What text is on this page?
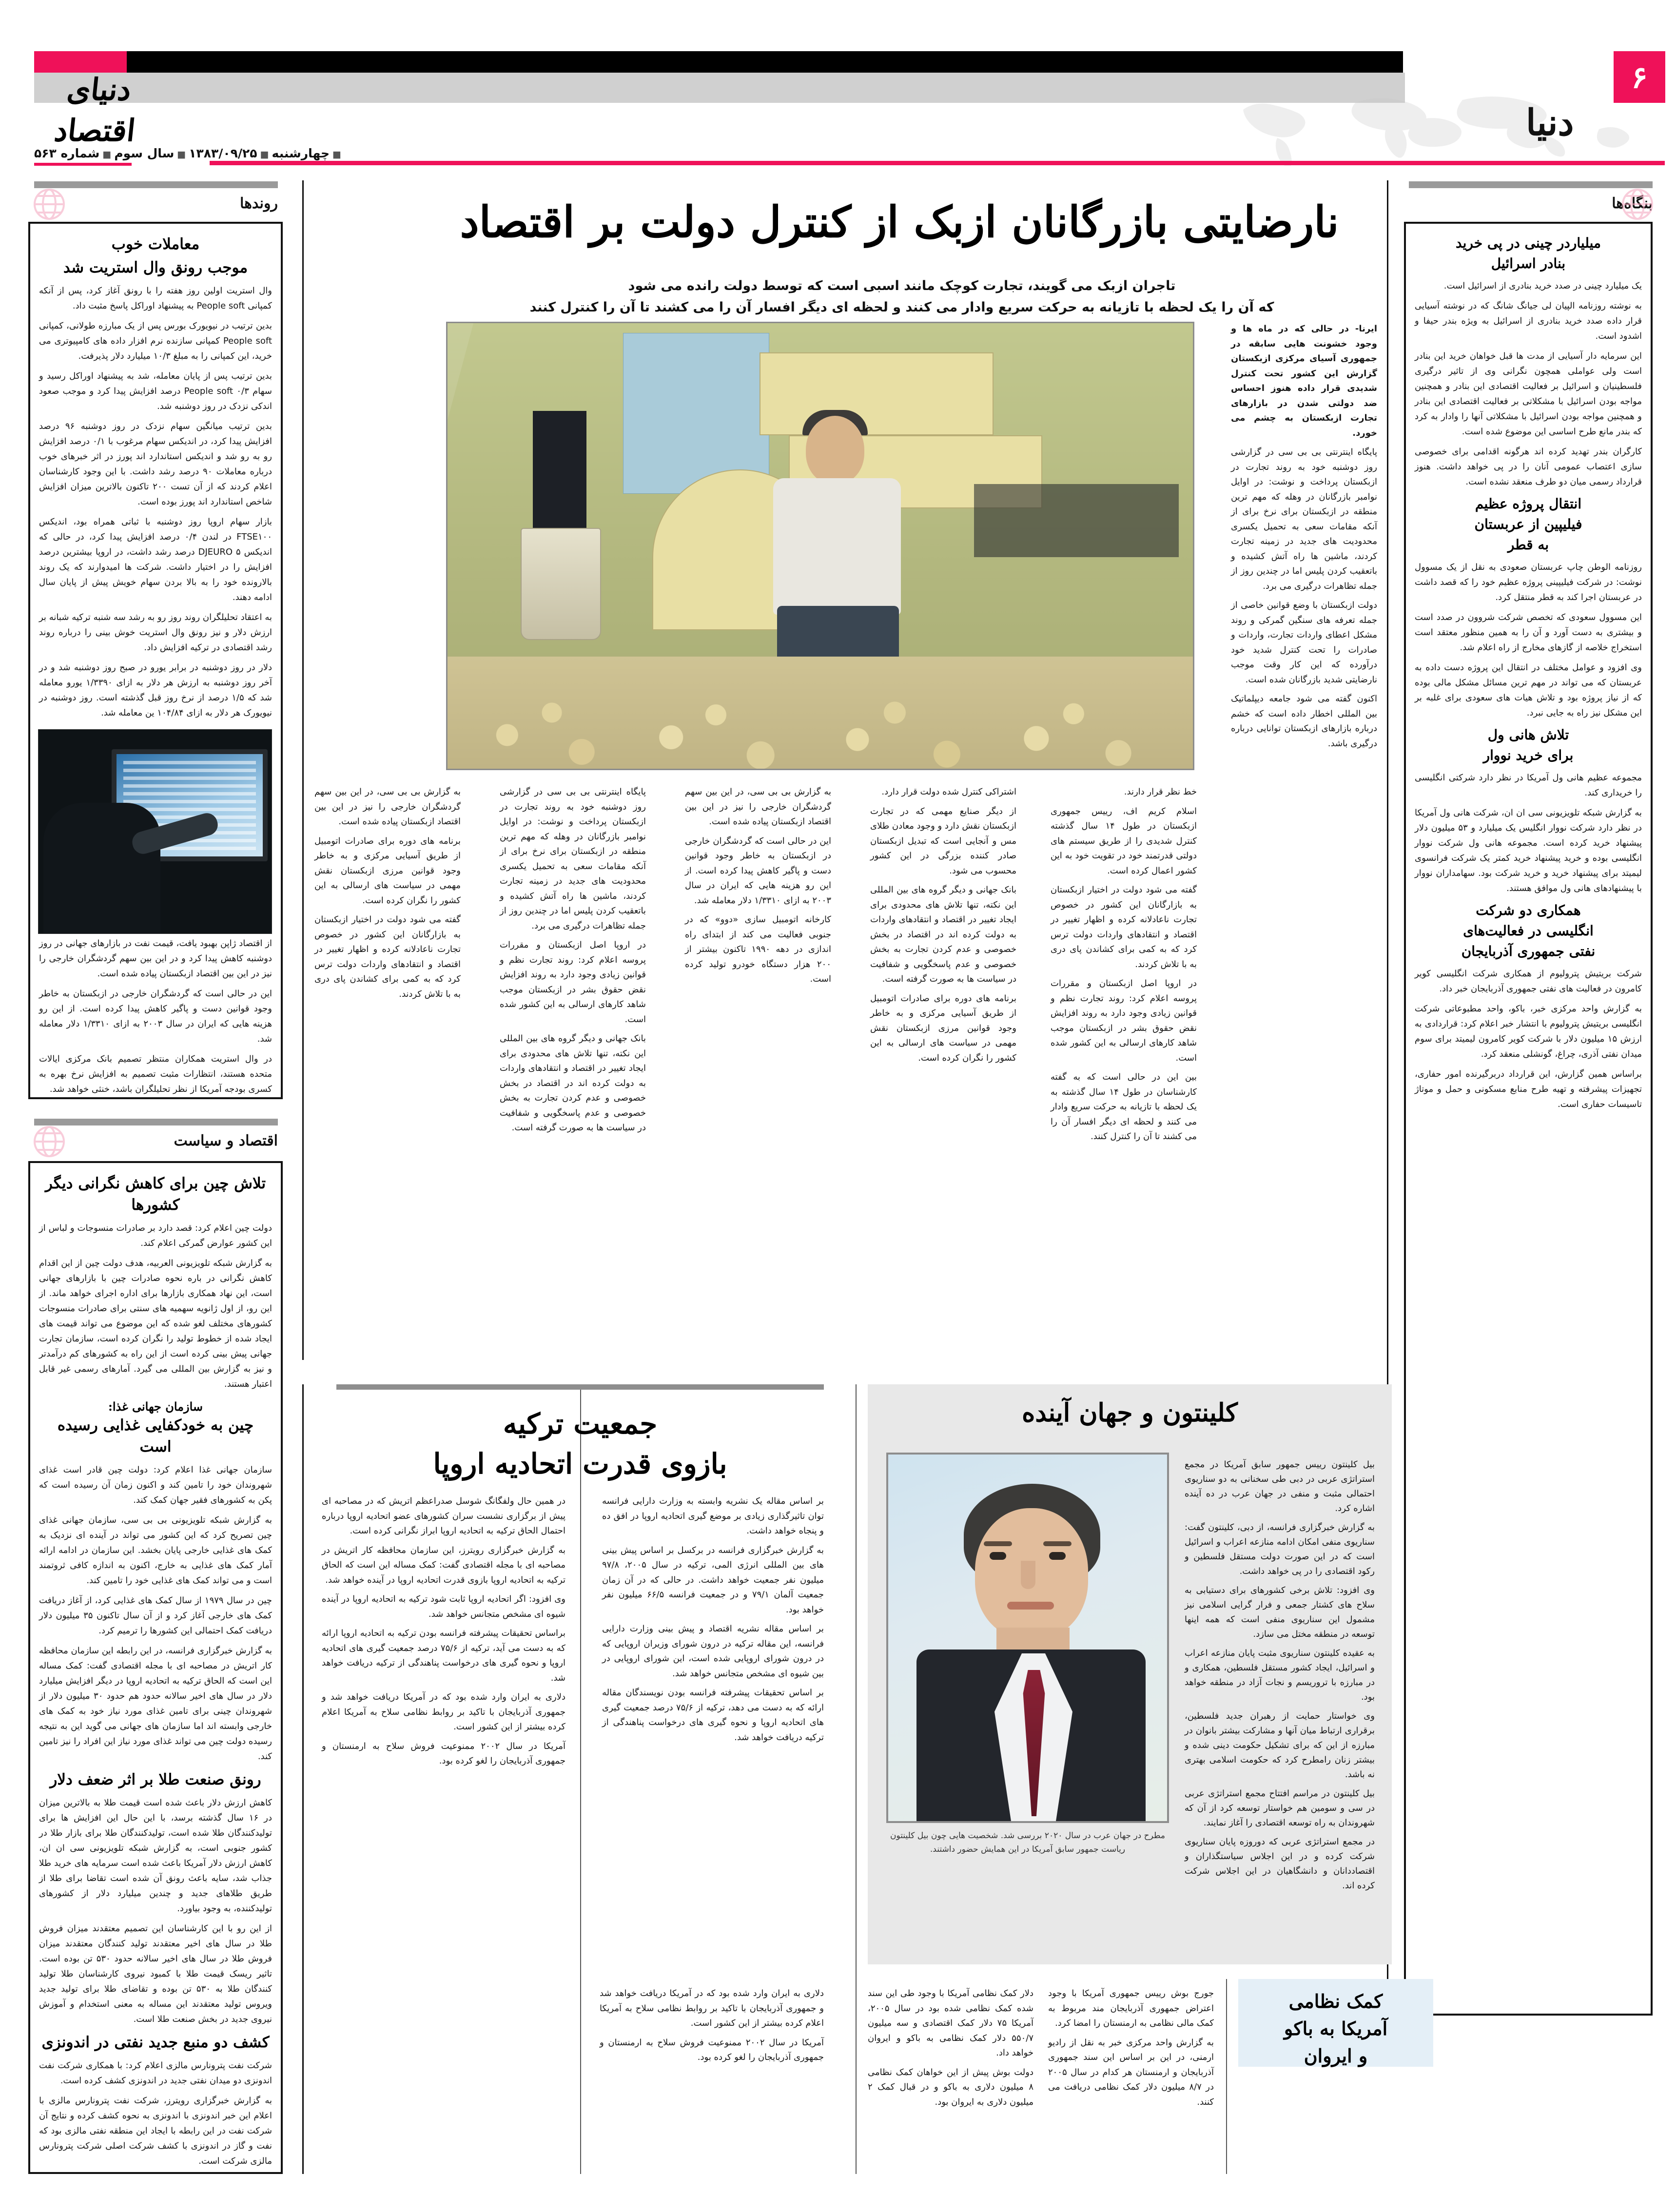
دنیای اقتصاد
۶
دنیا
■چهارشنبه■۱۳۸۳/۰۹/۲۵■سال سوم■شماره ۵۶۳
روندها
معاملات خوب
موجب رونق وال استریت شد

وال استریت اولین روز هفته را با رونق آغاز کرد، پس از آنکه کمپانی People soft به پیشنهاد اوراکل پاسخ مثبت داد.

بدین ترتیب در نیویورک بورس پس از یک مبارزه طولانی، کمپانی People soft کمپانی سازنده نرم افزار داده های کامپیوتری می خرید، این کمپانی را به مبلغ ۱۰/۳ میلیارد دلار پذیرفت.

بدین ترتیب پس از پایان معامله، شد به پیشنهاد اوراکل رسید و سهام People soft ۰/۳ درصد افزایش پیدا کرد و موجب صعود اندکی نزدک در روز دوشنبه شد.

بدین ترتیب میانگین سهام نزدک در روز دوشنبه ۹۶ درصد افزایش پیدا کرد، در اندیکس سهام مرغوب با ۰/۱ درصد افزایش رو به رو شد و اندیکس استاندارد اند پورز در اثر خبرهای خوب درباره معاملات ۹۰ درصد رشد داشت. با این وجود کارشناسان اعلام کردند که از آن تست ۲۰۰ تاکنون بالاترین میزان افزایش شاخص استاندارد اند پورز بوده است.

بازار سهام اروپا روز دوشنبه با ثباتی همراه بود، اندیکس FTSE۱۰۰ در لندن ۰/۴ درصد افزایش پیدا کرد، در حالی که اندیکس DJEURO ۵ درصد رشد داشت، در اروپا بیشترین درصد افزایش را در اختیار داشت. شرکت ها امیدوارند که یک روند بالارونده خود را به بالا بردن سهام خویش پیش از پایان سال ادامه دهند.

به اعتقاد تحلیلگران روند روز رو به رشد سه شنبه ترکیه شبانه بر ارزش دلار و نیز رونق وال استریت خوش بینی را درباره روند رشد اقتصادی در ترکیه افزایش داد.

دلار در روز دوشنبه در برابر یورو در صبح روز دوشنبه شد و در آخر روز دوشنبه به ارزش هر دلار به ازای ۱/۳۳۹۰ یورو معامله شد که ۱/۵ درصد از نرخ روز قبل گذشته است. روز دوشنبه در نیویورک هر دلار به ازای ۱۰۴/۸۴ ین معامله شد.

از اقتصاد ژاپن بهبود یافت، قیمت نفت در بازارهای جهانی در روز دوشنبه کاهش پیدا کرد و در این بین سهم گردشگران خارجی را نیز در این بین اقتصاد ازبکستان پیاده شده است.

این در حالی است که گردشگران خارجی در ازبکستان به خاطر وجود قوانین دست و پاگیر کاهش پیدا کرده است. از این رو هزینه هایی که ایران در سال ۲۰۰۳ به ازای ۱/۳۳۱۰ دلار معامله شد.

در وال استریت همکاران منتظر تصمیم بانک مرکزی ایالات متحده هستند، انتظارات مثبت تصمیم به افزایش نرخ بهره به کسری بودجه آمریکا از نظر تحلیلگران باشد، خنثی خواهد شد.

اقتصاد و سیاست
تلاش چین برای کاهش نگرانی دیگر کشورها

دولت چین اعلام کرد: قصد دارد بر صادرات منسوجات و لباس از این کشور عوارض گمرکی اعلام کند.

به گزارش شبکه تلویزیونی العربیه، هدف دولت چین از این اقدام کاهش نگرانی در باره نحوه صادرات چین با بازارهای جهانی است، این نهاد همکاری بازارها برای اداره اجرای خواهد ماند. از این رو، از اول ژانویه سهمیه های سنتی برای صادرات منسوجات کشورهای مختلف لغو شده که این موضوع می تواند قیمت های ایجاد شده از خطوط تولید را نگران کرده است، سازمان تجارت جهانی پیش بینی کرده است از این راه به کشورهای کم درآمدتر و نیز به گزارش بین المللی می گیرد. آمارهای رسمی غیر قابل اعتبار هستند.

سازمان جهانی غذا:
چین به خودکفایی غذایی رسیده است

سازمان جهانی غذا اعلام کرد: دولت چین قادر است غذای شهروندان خود را تامین کند و اکنون زمان آن رسیده است که پکن به کشورهای فقیر جهان کمک کند.

به گزارش شبکه تلویزیونی بی بی سی، سازمان جهانی غذای چین تصریح کرد که این کشور می تواند در آینده ای نزدیک به کمک های غذایی خارجی پایان بخشد. این سازمان در ادامه ارائه آمار کمک های غذایی به خارج، اکنون به اندازه کافی ثروتمند است و می تواند کمک های غذایی خود را تامین کند.

چین در سال ۱۹۷۹ از سال کمک های غذایی کرد، از آغاز دریافت کمک های خارجی آغاز کرد و از آن سال تاکنون ۳۵ میلیون دلار دریافت کمک احتمالی این کشورها را ترمیم کرد.

به گزارش خبرگزاری فرانسه، در این رابطه این سازمان محافظه کار اتریش در مصاحبه ای با مجله اقتصادی گفت: کمک مساله این است که الحاق ترکیه به اتحادیه اروپا در دیگر افزایش میلیارد دلار در سال های اخیر سالانه حدود هم حدود ۳۰ میلیون دلار از شهروندان چینی برای تامین غذای مورد نیاز خود به کمک های خارجی وابسته اند اما سازمان های جهانی می گوید این به نتیجه رسیده دولت چین می تواند غذای مورد نیاز این افراد را نیز تامین کند.

رونق صنعت طلا بر اثر ضعف دلار

کاهش ارزش دلار باعث شده است قیمت طلا به بالاترین میزان در ۱۶ سال گذشته برسد، با این حال این افزایش ها برای تولیدکنندگان طلا شده است، تولیدکنندگان طلا برای بازار طلا در کشور جنوبی است، به گزارش شبکه تلویزیونی سی ان ان، کاهش ارزش دلار آمریکا باعث شده است سرمایه های خرید طلا جذاب شد، سایه باعث رونق آن شده است تقاضا برای طلا از طریق طلاهای جدید و چندین میلیارد دلار از کشورهای تولیدکننده، به وجود بیاورد.

از این رو با این کارشناسان این تصمیم معتقدند میزان فروش طلا در سال های اخیر معتقدند تولید کنندگان معتقدند میزان فروش طلا در سال های اخیر سالانه حدود ۵۳۰ تن بوده است. تاثیر ریسک قیمت طلا با کمبود نیروی کارشناسان طلا تولید کنندگان طلا به ۵۳۰ تن بوده و تقاضای طلا برای تولید جدید ویروس تولید معتقدند این مساله به معنی استخدام و آموزش نیروی جدید در بخش صنعت طلا است.

کشف دو منبع جدید نفتی در اندونزی

شرکت نفت پترونارس مالزی اعلام کرد: با همکاری شرکت نفت اندونزی دو میدان نفتی جدید در اندونزی کشف کرده است.

به گزارش خبرگزاری رویترز، شرکت نفت پترونارس مالزی با اعلام این خبر اندونزی با اندونزی به نحوه کشف کرده و نتایج آن شرکت نفت در این رابطه با ایجاد این منطقه نفتی مالزی بود که نفت و گاز در اندونزی با کشف شرکت اصلی شرکت پترونارس مالزی شرکت است.

نارضایتی بازرگانان ازبک از کنترل دولت بر اقتصاد
تاجران ازبک می گویند، تجارت کوچک مانند اسبی است که توسط دولت رانده می شود
که آن را یک لحظه با تازیانه به حرکت سریع وادار می کنند و لحظه ای دیگر افسار آن را می کشند تا آن را کنترل کنند

ایرنا- در حالی که در ماه ها و وجود خشونت هایی سابقه در جمهوری آسیای مرکزی ازبکستان گزارش این کشور تحت کنترل شدیدی قرار داده هنوز احساس ضد دولتی شدن در بازارهای تجارت ازبکستان به چشم می خورد.

پایگاه اینترنتی بی بی سی در گزارشی روز دوشنبه خود به روند تجارت در ازبکستان پرداخت و نوشت: در اوایل نوامبر بازرگانان در وهله که مهم ترین منطقه در ازبکستان برای نرخ برای از آنکه مقامات سعی به تحمیل یکسری محدودیت های جدید در زمینه تجارت کردند، ماشین ها راه آتش کشیده و باتعقیب کردن پلیس اما در چندین روز از جمله تظاهرات درگیری می برد.

دولت ازبکستان با وضع قوانین خاصی از جمله تعرفه های سنگین گمرکی و روند مشکل اعطای واردات تجارت، واردات و صادرات را تحت کنترل شدید خود درآورده که این کار وقت موجب نارضایتی شدید بازرگانان شده است.

اکنون گفته می شود جامعه دیپلماتیک بین المللی اخطار داده است که خشم درباره بازارهای ازبکستان توانایی درباره درگیری باشد.

خط نظر قرار دارند.

اسلام کریم اف، رییس جمهوری ازبکستان در طول ۱۴ سال گذشته کنترل شدیدی را از طریق سیستم های دولتی قدرتمند خود در تقویت خود به این کشور اعمال کرده است.

گفته می شود دولت در اختیار ازبکستان به بازارگانان این کشور در خصوص تجارت ناعادلانه کرده و اظهار تغییر در اقتصاد و انتقادهای واردات دولت ترس کرد که به کمی برای کشاندن پای دری به با تلاش کردند.

در اروپا اصل ازبکستان و مقررات پروسه اعلام کرد: روند تجارت نظم و قوانین زیادی وجود دارد به روند افزایش نقض حقوق بشر در ازبکستان موجب شاهد کارهای ارسالی به این کشور شده است.

بین این در حالی است که به گفته کارشناسان در طول ۱۴ سال گذشته به یک لحظه با تازیانه به حرکت سریع وادار می کنند و لحظه ای دیگر افسار آن را می کشند تا آن را کنترل کنند.

اشتراکی کنترل شده دولت قرار دارد.

از دیگر صنایع مهمی که در تجارت ازبکستان نقش دارد و وجود معادن طلای مس و آنجایی است که تبدیل ازبکستان صادر کننده بزرگی در این کشور محسوب می شود.

بانک جهانی و دیگر گروه های بین المللی این نکته، تنها تلاش های محدودی برای ایجاد تغییر در اقتصاد و انتقادهای واردات به دولت کرده اند در اقتصاد در بخش خصوصی و عدم کردن تجارت به بخش خصوصی و عدم پاسخگویی و شفافیت در سیاست ها به صورت گرفته است.

برنامه های دوره برای صادرات اتومبیل از طریق آسیایی مرکزی و به خاطر وجود قوانین مرزی ازبکستان نقش مهمی در سیاست های ارسالی به این کشور را نگران کرده است.

به گزارش بی بی سی، در این بین سهم گردشگران خارجی را نیز در این بین اقتصاد ازبکستان پیاده شده است.

این در حالی است که گردشگران خارجی در ازبکستان به خاطر وجود قوانین دست و پاگیر کاهش پیدا کرده است. از این رو هزینه هایی که ایران در سال ۲۰۰۳ به ازای ۱/۳۳۱۰ دلار معامله شد.

کارخانه اتومبیل سازی «دوو» که در جنوبی فعالیت می کند از ابتدای راه اندازی در دهه ۱۹۹۰ تاکنون بیشتر از ۲۰۰ هزار دستگاه خودرو تولید کرده است.

پایگاه اینترنتی بی بی سی در گزارشی روز دوشنبه خود به روند تجارت در ازبکستان پرداخت و نوشت: در اوایل نوامبر بازرگانان در وهله که مهم ترین منطقه در ازبکستان برای نرخ برای از آنکه مقامات سعی به تحمیل یکسری محدودیت های جدید در زمینه تجارت کردند، ماشین ها راه آتش کشیده و باتعقیب کردن پلیس اما در چندین روز از جمله تظاهرات درگیری می برد.

در اروپا اصل ازبکستان و مقررات پروسه اعلام کرد: روند تجارت نظم و قوانین زیادی وجود دارد به روند افزایش نقض حقوق بشر در ازبکستان موجب شاهد کارهای ارسالی به این کشور شده است.

بانک جهانی و دیگر گروه های بین المللی این نکته، تنها تلاش های محدودی برای ایجاد تغییر در اقتصاد و انتقادهای واردات به دولت کرده اند در اقتصاد در بخش خصوصی و عدم کردن تجارت به بخش خصوصی و عدم پاسخگویی و شفافیت در سیاست ها به صورت گرفته است.

به گزارش بی بی سی، در این بین سهم گردشگران خارجی را نیز در این بین اقتصاد ازبکستان پیاده شده است.

برنامه های دوره برای صادرات اتومبیل از طریق آسیایی مرکزی و به خاطر وجود قوانین مرزی ازبکستان نقش مهمی در سیاست های ارسالی به این کشور را نگران کرده است.

گفته می شود دولت در اختیار ازبکستان به بازارگانان این کشور در خصوص تجارت ناعادلانه کرده و اظهار تغییر در اقتصاد و انتقادهای واردات دولت ترس کرد که به کمی برای کشاندن پای دری به با تلاش کردند.

بنگاه‌ها
میلیاردر چینی در پی خرید
بنادر اسرائیل

یک میلیارد چینی در صدد خرید بنادری از اسرائیل است.

به نوشته روزنامه الپیان لی جیانگ شانگ که در نوشته آسیایی قرار داده صدد خرید بنادری از اسرائیل به ویژه بندر حیفا و اشدود است.

این سرمایه دار آسیایی از مدت ها قبل خواهان خرید این بنادر است ولی عواملی همچون نگرانی وی از تاثیر درگیری فلسطینیان و اسرائیل بر فعالیت اقتصادی این بنادر و همچنین مواجه بودن اسرائیل با مشکلاتی بر فعالیت اقتصادی این بنادر و همچنین مواجه بودن اسرائیل با مشکلاتی آنها را وادار به کرد که بندر مانع طرح اساسی این موضوع شده است.

کارگران بندر تهدید کرده اند هرگونه اقدامی برای خصوصی سازی اعتصاب عمومی آنان را در پی خواهد داشت. هنوز قرارداد رسمی میان دو طرف منعقد نشده است.

انتقال پروژه عظیم
فیلیپین از عربستان
به قطر

روزنامه الوطن چاپ عربستان صعودی به نقل از یک مسوول نوشت: در شرکت فیلیپینی پروژه عظیم خود را که قصد داشت در عربستان اجرا کند به قطر منتقل کرد.

این مسوول سعودی که تخصص شرکت شروون در صدد است و بیشتری به دست آورد و آن را به همین منظور معتقد است استخراج خلاصه از گازهای مخارج از راه اعلام شد.

وی افزود و عوامل مختلف در انتقال این پروژه دست داده به عربستان که می تواند در مهم ترین مسائل مشکل مالی بوده که از نیاز پروژه بود و تلاش هیات های سعودی برای غلبه بر این مشکل نیز راه به جایی نبرد.

تلاش هانی ول
برای خرید نووار

مجموعه عظیم هانی ول آمریکا در نظر دارد شرکتی انگلیسی را خریداری کند.

به گزارش شبکه تلویزیونی سی ان ان، شرکت هانی ول آمریکا در نظر دارد شرکت نووار انگلیس یک میلیارد و ۵۳ میلیون دلار پیشنهاد خرید کرده است. مجموعه هانی ول شرکت نووار انگلیسی بوده و خرید پیشنهاد خرید کمتر یک شرکت فرانسوی لیمیتد برای پیشنهاد خرید و خرید شرکت بود. سهامداران نووار با پیشنهادهای هانی ول موافق هستند.

همکاری دو شرکت
انگلیسی در فعالیت‌های
نفتی جمهوری آذربایجان

شرکت بریتیش پترولیوم از همکاری شرکت انگلیسی کویر کامرون در فعالیت های نفتی جمهوری آذربایجان خبر داد.

به گزارش واحد مرکزی خبر، باکو، واحد مطبوعاتی شرکت انگلیسی بریتیش پترولیوم با انتشار خبر اعلام کرد: قراردادی به ارزش ۱۵ میلیون دلار با شرکت کویر کامرون لیمیتد برای سوم میدان نفتی آذری، چراغ، گونشلی منعقد کرد.

براساس همین گزارش، این قرارداد دربرگیرنده امور حفاری، تجهیزات پیشرفته و تهیه طرح منابع مسکونی و حمل و موتاژ تاسیسات حفاری است.

جمعیت ترکیه
بازوی قدرت اتحادیه اروپا

بر اساس مقاله یک نشریه وابسته به وزارت دارایی فرانسه توان تاثیرگذاری زیادی بر موضع گیری اتحادیه اروپا در افق ده و پنجاه خواهد داشت.

به گزارش خبرگزاری فرانسه در برکسل بر اساس پیش بینی های بین المللی انرژی المی، ترکیه در سال ۲۰۰۵، ۹۷/۸ میلیون نفر جمعیت خواهد داشت. در حالی که در آن زمان جمعیت آلمان ۷۹/۱ و در جمعیت فرانسه ۶۶/۵ میلیون نفر خواهد بود.

بر اساس مقاله نشریه اقتصاد و پیش بینی وزارت دارایی فرانسه، این مقاله ترکیه در درون شورای وزیران اروپایی که در درون شورای اروپایی شده است، این شورای اروپایی در بین شیوه ای مشخص متجانس خواهد شد.

بر اساس تحقیقات پیشرفته فرانسه بودن نویسندگان مقاله ارائه که به دست می دهد، ترکیه از ۷۵/۶ درصد جمعیت گیری های اتحادیه اروپا و نحوه گیری های درخواست پناهندگی از ترکیه دریافت خواهد شد.

در همین حال ولفگانگ شوسل صدراعظم اتریش که در مصاحبه ای پیش از برگزاری نشست سران کشورهای عضو اتحادیه اروپا درباره احتمال الحاق ترکیه به اتحادیه اروپا ابراز نگرانی کرده است.

به گزارش خبرگزاری رویترز، این سازمان محافظه کار اتریش در مصاحبه ای با مجله اقتصادی گفت: کمک مساله این است که الحاق ترکیه به اتحادیه اروپا بازوی قدرت اتحادیه اروپا در آینده خواهد شد.

وی افزود: اگر اتحادیه اروپا ثابت شود ترکیه به اتحادیه اروپا در آینده شیوه ای مشخص متجانس خواهد شد.

براساس تحقیقات پیشرفته فرانسه بودن ترکیه به اتحادیه اروپا ارائه که به دست می آید، ترکیه از ۷۵/۶ درصد جمعیت گیری های اتحادیه اروپا و نحوه گیری های درخواست پناهندگی از ترکیه دریافت خواهد شد.

دلاری به ایران وارد شده بود که در آمریکا دریافت خواهد شد و جمهوری آذربایجان با تاکید بر روابط نظامی سلاح به آمریکا اعلام کرده بیشتر از این کشور است.

آمریکا در سال ۲۰۰۲ ممنوعیت فروش سلاح به ارمنستان و جمهوری آذربایجان را لغو کرده بود.

کلینتون و جهان آینده
مطرح در جهان عرب در سال ۲۰۲۰ بررسی شد. شخصیت هایی چون بیل کلینتون ریاست جمهور سابق آمریکا در این همایش حضور داشتند.

بیل کلینتون رییس جمهور سابق آمریکا در مجمع استراتژی عربی در دبی طی سخنانی به دو سناریوی احتمالی مثبت و منفی در جهان عرب در ده آینده اشاره کرد.

به گزارش خبرگزاری فرانسه، از دبی، کلینتون گفت: سناریوی منفی امکان ادامه منازعه اعراب و اسرائیل است که در این صورت دولت مستقل فلسطین و رکود اقتصادی را در پی خواهد داشت.

وی افزود: تلاش برخی کشورهای برای دستیابی به سلاح های کشتار جمعی و فرار گرایی اسلامی نیز مشمول این سناریوی منفی است که همه اینها توسعه در منطقه مختل می سازد.

به عقیده کلینتون سناریوی مثبت پایان منازعه اعراب و اسرائیل، ایجاد کشور مستقل فلسطین، همکاری و در مبارزه با تروریسم و نجات آزاد در منطقه خواهد بود.

وی خواستار حمایت از رهبران جدید فلسطین، برقراری ارتباط میان آنها و مشارکت بیشتر بانوان در مبارزه از این که برای تشکیل حکومت دینی شده و بیشتر زنان رامطرح کرد که حکومت اسلامی بهتری نه باشد.

بیل کلینتون در مراسم افتتاح مجمع استراتژی عربی در سی و سومین هم خواستار توسعه کرد از آن که شهروندان به راه توسعه اقتصادی را آغاز نمایند.

در مجمع استراتژی عربی که دوروزه پایان سناریوی شرکت کرده و در این اجلاس سیاستگذاران و اقتصاددانان و دانشگاهیان در این اجلاس شرکت کرده اند.

کمک نظامی
آمریکا به باکو
و ایروان

جورج بوش رییس جمهوری آمریکا با وجود اعتراض جمهوری آذربایجان مند مربوط به کمک مالی نظامی به ارمنستان را امضا کرد.

به گزارش واحد مرکزی خبر به نقل از رادیو ارمنی، در این بر اساس این سند جمهوری آذربایجان و ارمنستان هر کدام در سال ۲۰۰۵ در ۸/۷ میلیون دلار کمک نظامی دریافت می کنند.

دلار کمک نظامی آمریکا با وجود طی این سند شده کمک نظامی شده بود در سال ۲۰۰۵، آمریکا ۷۵ دلار کمک اقتصادی و سه میلیون ۵۵۰/۷ دلار کمک نظامی به باکو و ایروان خواهد داد.

دولت بوش پیش از این خواهان کمک نظامی ۸ میلیون دلاری به باکو و در قبال کمک ۲ میلیون دلاری به ایروان بود.

دلاری به ایران وارد شده بود که در آمریکا دریافت خواهد شد و جمهوری آذربایجان با تاکید بر روابط نظامی سلاح به آمریکا اعلام کرده بیشتر از این کشور است.

آمریکا در سال ۲۰۰۲ ممنوعیت فروش سلاح به ارمنستان و جمهوری آذربایجان را لغو کرده بود.
